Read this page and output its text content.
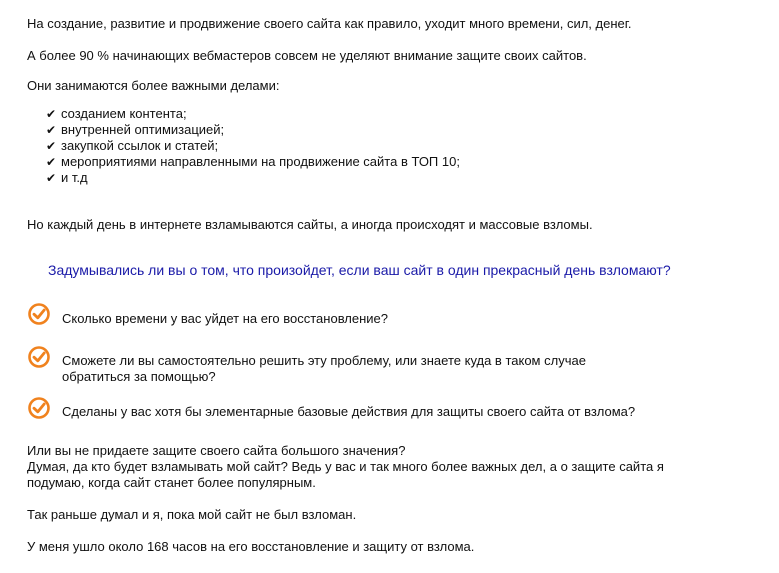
На создание, развитие и продвижение своего сайта как правило, уходит много времени, сил, денег.

А более 90 % начинающих вебмастеров совсем не уделяют внимание защите своих сайтов.

Они занимаются более важными делами:

✔ созданием контента;
✔ внутренней оптимизацией;
✔ закупкой ссылок и статей;
✔ мероприятиями направленными на продвижение сайта в ТОП 10;
✔ и т.д

Но каждый день в интернете взламываются сайты, а иногда происходят и массовые взломы.

Задумывались ли вы о том, что произойдет, если ваш сайт в один прекрасный день взломают?
Сколько времени у вас уйдет на его восстановление?
Сможете ли вы самостоятельно решить эту проблему, или знаете куда в таком случае
обратиться за помощью?
Сделаны у вас хотя бы элементарные базовые действия для защиты своего сайта от взлома?

Или вы не придаете защите своего сайта большого значения?

Думая, да кто будет взламывать мой сайт? Ведь у вас и так много более важных дел, а о защите сайта я

подумаю, когда сайт станет более популярным.

Так раньше думал и я, пока мой сайт не был взломан.

У меня ушло около 168 часов на его восстановление и защиту от взлома.
